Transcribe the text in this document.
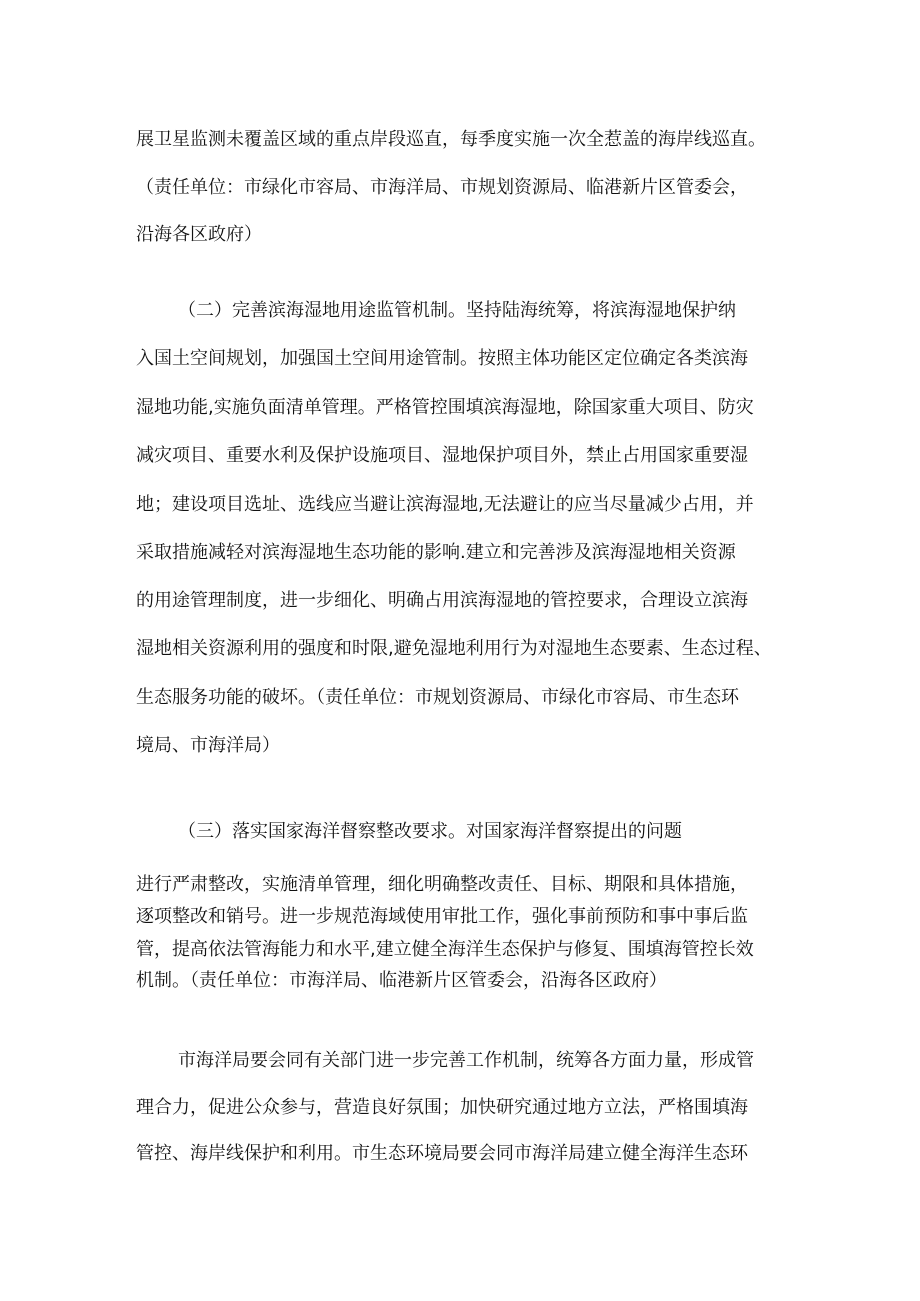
展卫星监测未覆盖区域的重点岸段巡直，每季度实施一次全惹盖的海岸线巡直。
（责任单位：市绿化市容局、市海洋局、市规划资源局、临港新片区管委会，
沿海各区政府）
（二）完善滨海湿地用途监管机制。坚持陆海统筹，将滨海湿地保护纳
入国土空间规划，加强国土空间用途管制。按照主体功能区定位确定各类滨海
湿地功能,实施负面清单管理。严格管控围填滨海湿地，除国家重大项目、防灾
减灾项目、重要水利及保护设施项目、湿地保护项目外，禁止占用国家重要湿
地；建设项目选址、选线应当避让滨海湿地,无法避让的应当尽量减少占用，并
采取措施减轻对滨海湿地生态功能的影响.建立和完善涉及滨海湿地相关资源
的用途管理制度，进一步细化、明确占用滨海湿地的管控要求，合理设立滨海
湿地相关资源利用的强度和时限,避免湿地利用行为对湿地生态要素、生态过程、
生态服务功能的破坏。（责任单位：市规划资源局、市绿化市容局、市生态环
境局、市海洋局）
（三）落实国家海洋督察整改要求。对国家海洋督察提出的问题
进行严肃整改，实施清单管理，细化明确整改责任、目标、期限和具体措施，
逐项整改和销号。进一步规范海域使用审批工作，强化事前预防和事中事后监
管，提高依法管海能力和水平,建立健全海洋生态保护与修复、围填海管控长效
机制。（责任单位：市海洋局、临港新片区管委会，沿海各区政府）
市海洋局要会同有关部门进一步完善工作机制，统筹各方面力量，形成管
理合力，促进公众参与，营造良好氛围；加快研究通过地方立法，严格围填海
管控、海岸线保护和利用。市生态环境局要会同市海洋局建立健全海洋生态环
